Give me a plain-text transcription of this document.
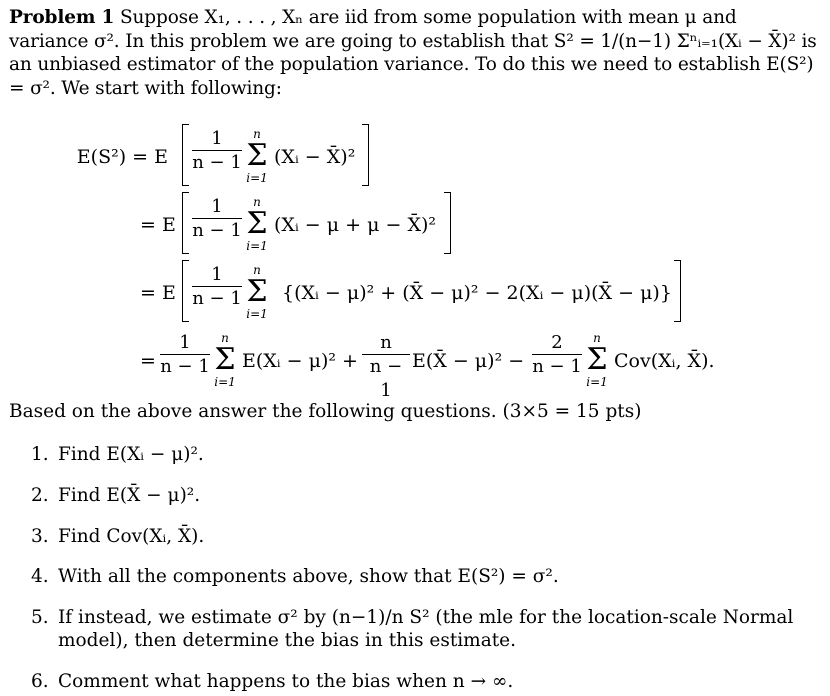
Problem 1 Suppose X₁, . . . , Xₙ are iid from some population with mean μ and variance σ². In this problem we are going to establish that S² = 1/(n−1) Σⁿᵢ₌₁(Xᵢ − X̄)² is an unbiased estimator of the population variance. To do this we need to establish E(S²) = σ². We start with following:
E(S²) = E
1
n − 1
n
Σ
i=1
(Xᵢ − X̄)²
= E
1
n − 1
n
Σ
i=1
(Xᵢ − μ + μ − X̄)²
= E
1
n − 1
n
Σ
i=1
{(Xᵢ − μ)² + (X̄ − μ)² − 2(Xᵢ − μ)(X̄ − μ)}
=
1
n − 1
n
Σ
i=1
E(Xᵢ − μ)² +
n
n − 1
E(X̄ − μ)² −
2
n − 1
n
Σ
i=1
Cov(Xᵢ, X̄).
Based on the above answer the following questions. (3×5 = 15 pts)
1. Find E(Xᵢ − μ)².
2. Find E(X̄ − μ)².
3. Find Cov(Xᵢ, X̄).
4. With all the components above, show that E(S²) = σ².
5. If instead, we estimate σ² by (n−1)/n S² (the mle for the location-scale Normal model), then determine the bias in this estimate.
6. Comment what happens to the bias when n → ∞.
